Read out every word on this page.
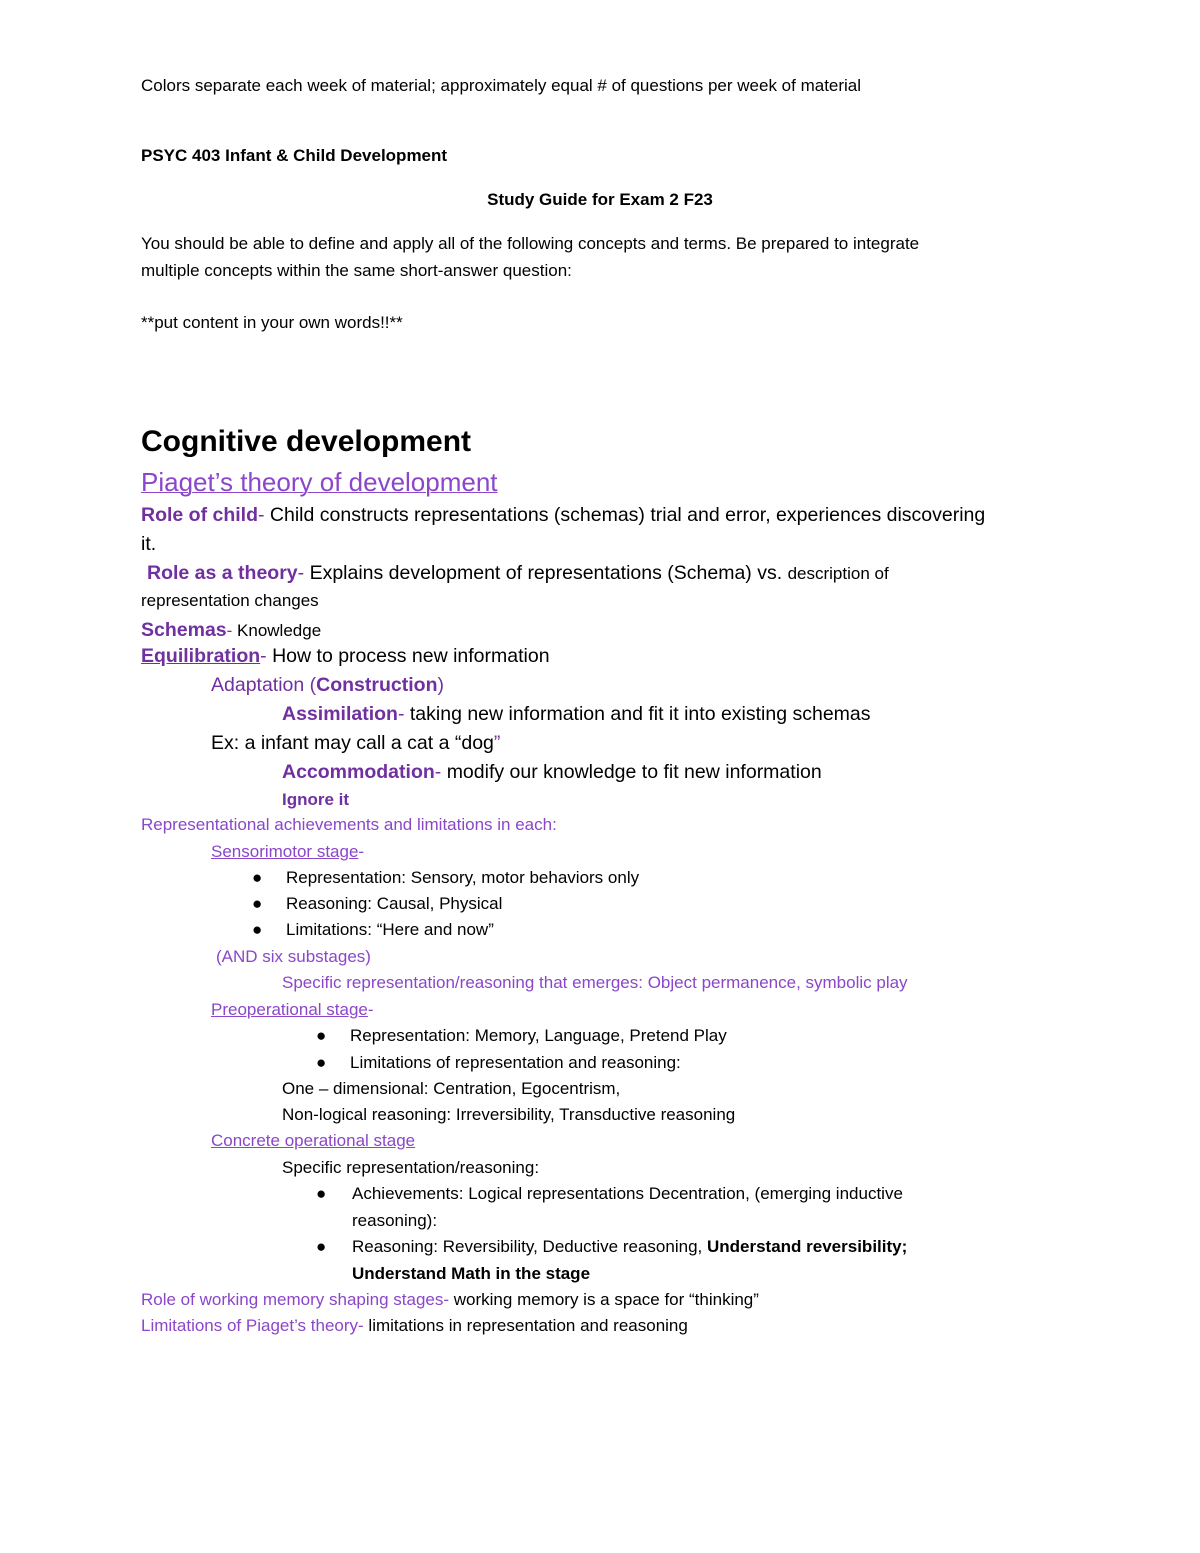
Colors separate each week of material; approximately equal # of questions per week of material
PSYC 403 Infant & Child Development
Study Guide for Exam 2 F23
You should be able to define and apply all of the following concepts and terms. Be prepared to integrate
multiple concepts within the same short-answer question:
**put content in your own words!!**
Cognitive development
Piaget’s theory of development
Role of child- Child constructs representations (schemas) trial and error, experiences discovering
it.
Role as a theory- Explains development of representations (Schema) vs. description of
representation changes
Schemas- Knowledge
Equilibration- How to process new information
Adaptation (Construction)
Assimilation- taking new information and fit it into existing schemas
Ex: a infant may call a cat a “dog”
Accommodation- modify our knowledge to fit new information
Ignore it
Representational achievements and limitations in each:
Sensorimotor stage-
● Representation: Sensory, motor behaviors only
● Reasoning: Causal, Physical
● Limitations: “Here and now”
(AND six substages)
Specific representation/reasoning that emerges: Object permanence, symbolic play
Preoperational stage-
● Representation: Memory, Language, Pretend Play
● Limitations of representation and reasoning:
One – dimensional: Centration, Egocentrism,
Non-logical reasoning: Irreversibility, Transductive reasoning
Concrete operational stage
Specific representation/reasoning:
● Achievements: Logical representations Decentration, (emerging inductive
reasoning):
● Reasoning: Reversibility, Deductive reasoning, Understand reversibility;
Understand Math in the stage
Role of working memory shaping stages- working memory is a space for “thinking”
Limitations of Piaget’s theory- limitations in representation and reasoning
